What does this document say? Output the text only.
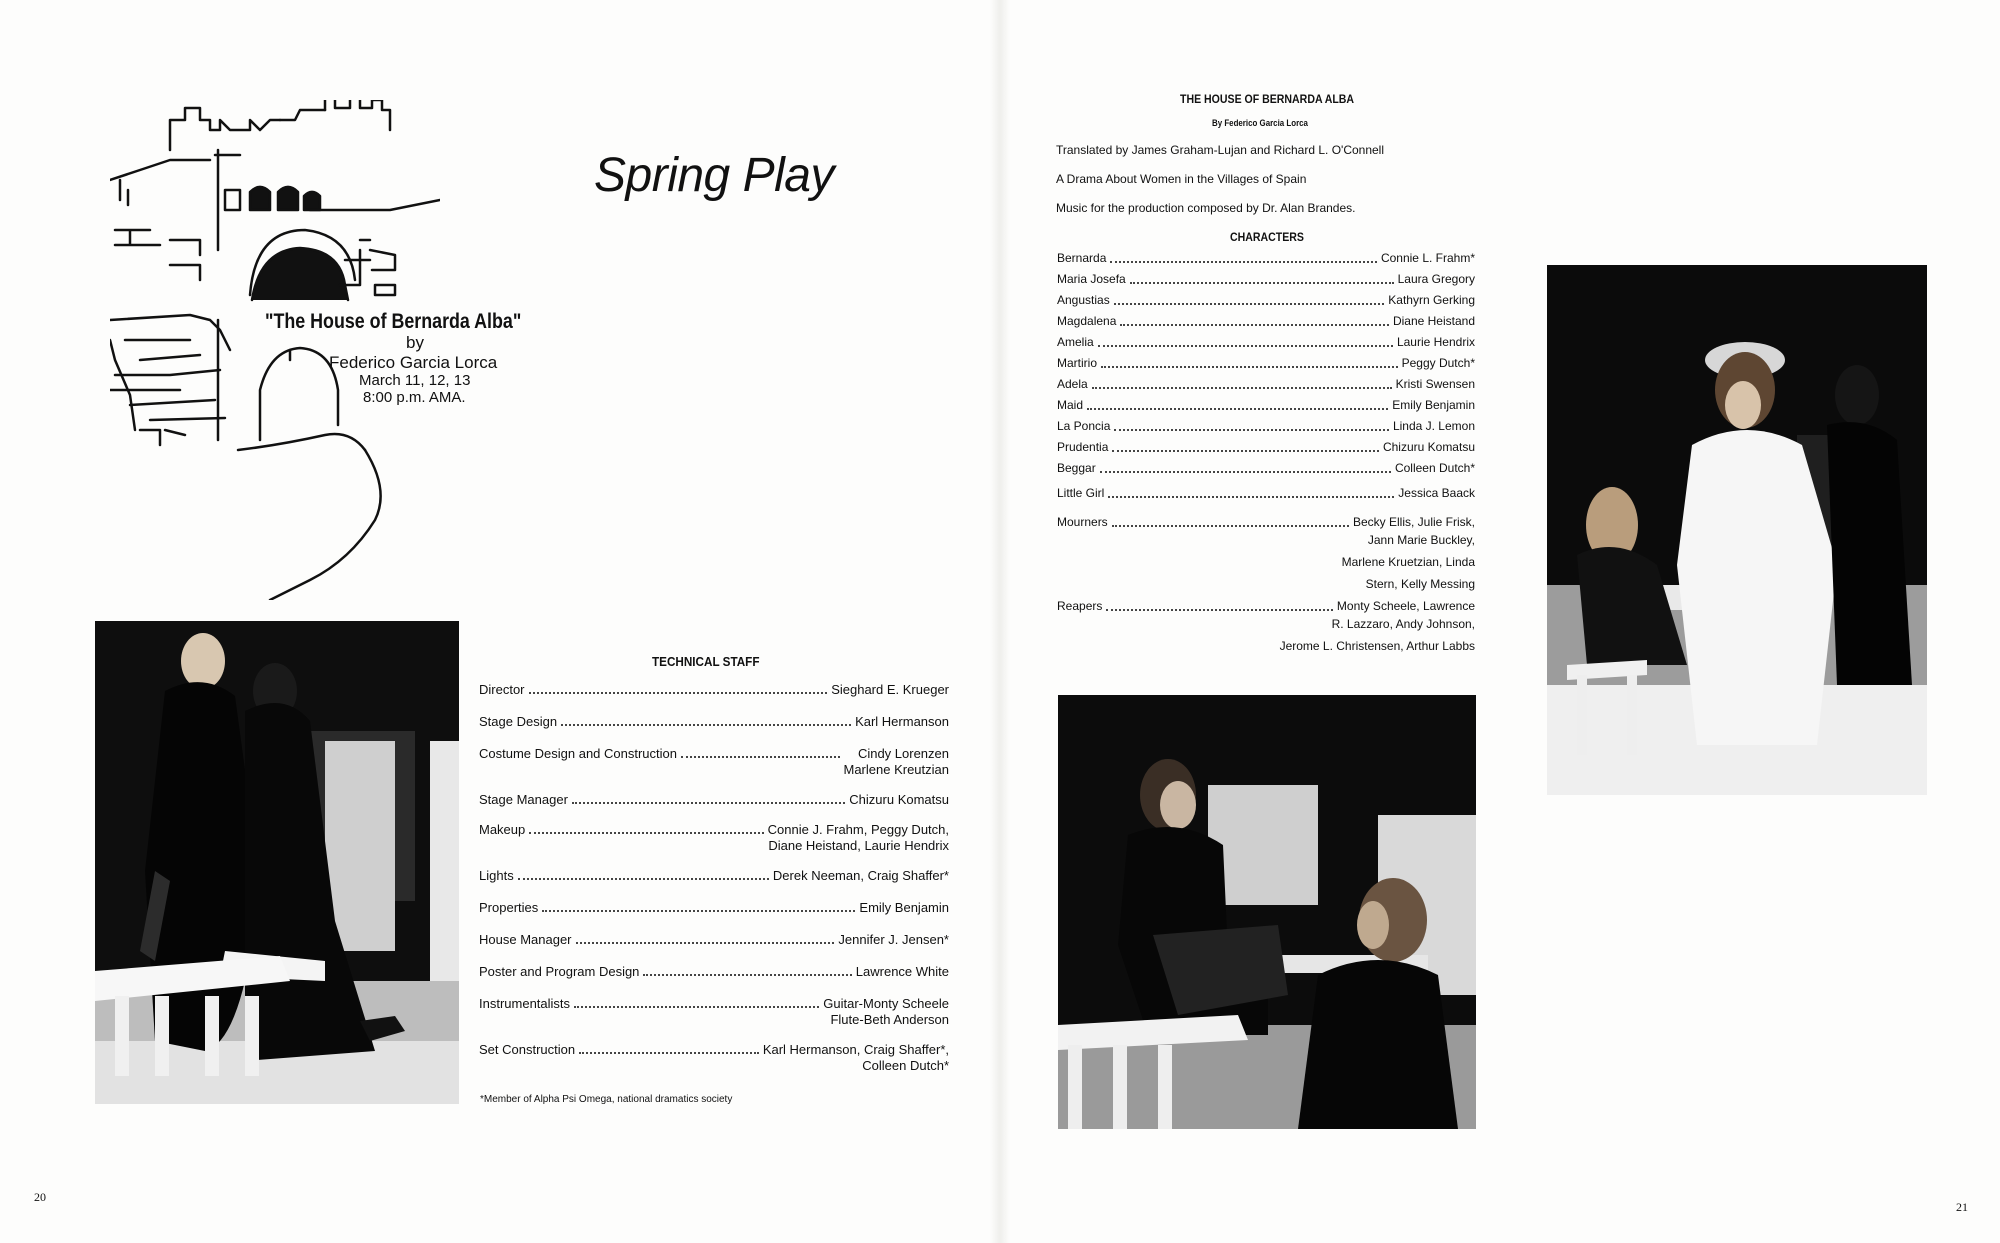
"The House of Bernarda Alba"
by
Federico Garcia Lorca
March 11, 12, 13
8:00 p.m. AMA.
Spring Play
TECHNICAL STAFF
Director	Sieghard E. Krueger
Stage Design	Karl Hermanson
Costume Design and Construction	Cindy Lorenzen
Marlene Kreutzian
Stage Manager	Chizuru Komatsu
Makeup	Connie J. Frahm, Peggy Dutch,
Diane Heistand, Laurie Hendrix
Lights	Derek Neeman, Craig Shaffer*
Properties	Emily Benjamin
House Manager	Jennifer J. Jensen*
Poster and Program Design	Lawrence White
Instrumentalists	Guitar-Monty Scheele
Flute-Beth Anderson
Set Construction	Karl Hermanson, Craig Shaffer*,
Colleen Dutch*
*Member of Alpha Psi Omega, national dramatics society
20
THE HOUSE OF BERNARDA ALBA
By Federico Garcia Lorca
Translated by James Graham-Lujan and Richard L. O'Connell
A Drama About Women in the Villages of Spain
Music for the production composed by Dr. Alan Brandes.
CHARACTERS
Bernarda	Connie L. Frahm*
Maria Josefa	Laura Gregory
Angustias	Kathyrn Gerking
Magdalena	Diane Heistand
Amelia	Laurie Hendrix
Martirio	Peggy Dutch*
Adela	Kristi Swensen
Maid	Emily Benjamin
La Poncia	Linda J. Lemon
Prudentia	Chizuru Komatsu
Beggar	Colleen Dutch*
Little Girl	Jessica Baack
Mourners	Becky Ellis, Julie Frisk,
Jann Marie Buckley,
Marlene Kruetzian, Linda
Stern, Kelly Messing
Reapers	Monty Scheele, Lawrence
R. Lazzaro, Andy Johnson,
Jerome L. Christensen, Arthur Labbs
21
